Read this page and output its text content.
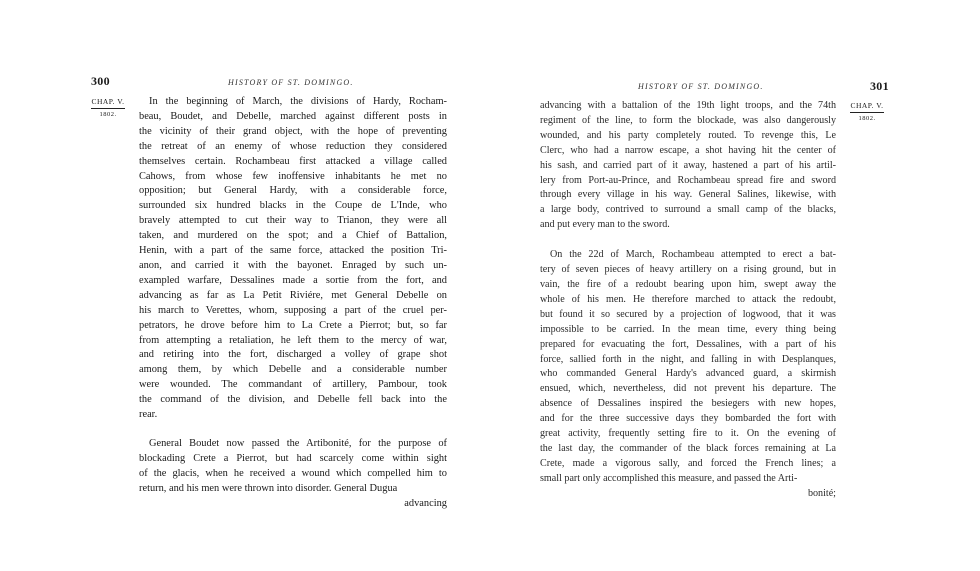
300	HISTORY OF ST. DOMINGO.
CHAP. V.
1802.
In the beginning of March, the divisions of Hardy, Rocham-
beau, Boudet, and Debelle, marched against different posts in
the vicinity of their grand object, with the hope of preventing
the retreat of an enemy of whose reduction they considered
themselves certain. Rochambeau first attacked a village called
Cahows, from whose few inoffensive inhabitants he met no
opposition; but General Hardy, with a considerable force,
surrounded six hundred blacks in the Coupe de L'Inde, who
bravely attempted to cut their way to Trianon, they were all
taken, and murdered on the spot; and a Chief of Battalion,
Henin, with a part of the same force, attacked the position Tri-
anon, and carried it with the bayonet. Enraged by such un-
exampled warfare, Dessalines made a sortie from the fort, and
advancing as far as La Petit Riviére, met General Debelle on
his march to Verettes, whom, supposing a part of the cruel per-
petrators, he drove before him to La Crete a Pierrot; but, so far
from attempting a retaliation, he left them to the mercy of war,
and retiring into the fort, discharged a volley of grape shot
among them, by which Debelle and a considerable number
were wounded. The commandant of artillery, Pambour, took
the command of the division, and Debelle fell back into the
rear.
General Boudet now passed the Artibonité, for the purpose of
blockading Crete a Pierrot, but had scarcely come within sight
of the glacis, when he received a wound which compelled him to
return, and his men were thrown into disorder. General Dugua
advancing
HISTORY OF ST. DOMINGO.	301
CHAP. V.
1802.
advancing with a battalion of the 19th light troops, and the 74th
regiment of the line, to form the blockade, was also dangerously
wounded, and his party completely routed. To revenge this, Le
Clerc, who had a narrow escape, a shot having hit the center of
his sash, and carried part of it away, hastened a part of his artil-
lery from Port-au-Prince, and Rochambeau spread fire and sword
through every village in his way. General Salines, likewise, with
a large body, contrived to surround a small camp of the blacks,
and put every man to the sword.
On the 22d of March, Rochambeau attempted to erect a bat-
tery of seven pieces of heavy artillery on a rising ground, but in
vain, the fire of a redoubt bearing upon him, swept away the
whole of his men. He therefore marched to attack the redoubt,
but found it so secured by a projection of logwood, that it was
impossible to be carried. In the mean time, every thing being
prepared for evacuating the fort, Dessalines, with a part of his
force, sallied forth in the night, and falling in with Desplanques,
who commanded General Hardy's advanced guard, a skirmish
ensued, which, nevertheless, did not prevent his departure. The
absence of Dessalines inspired the besiegers with new hopes,
and for the three successive days they bombarded the fort with
great activity, frequently setting fire to it. On the evening of
the last day, the commander of the black forces remaining at La
Crete, made a vigorous sally, and forced the French lines; a
small part only accomplished this measure, and passed the Arti-
bonité;
